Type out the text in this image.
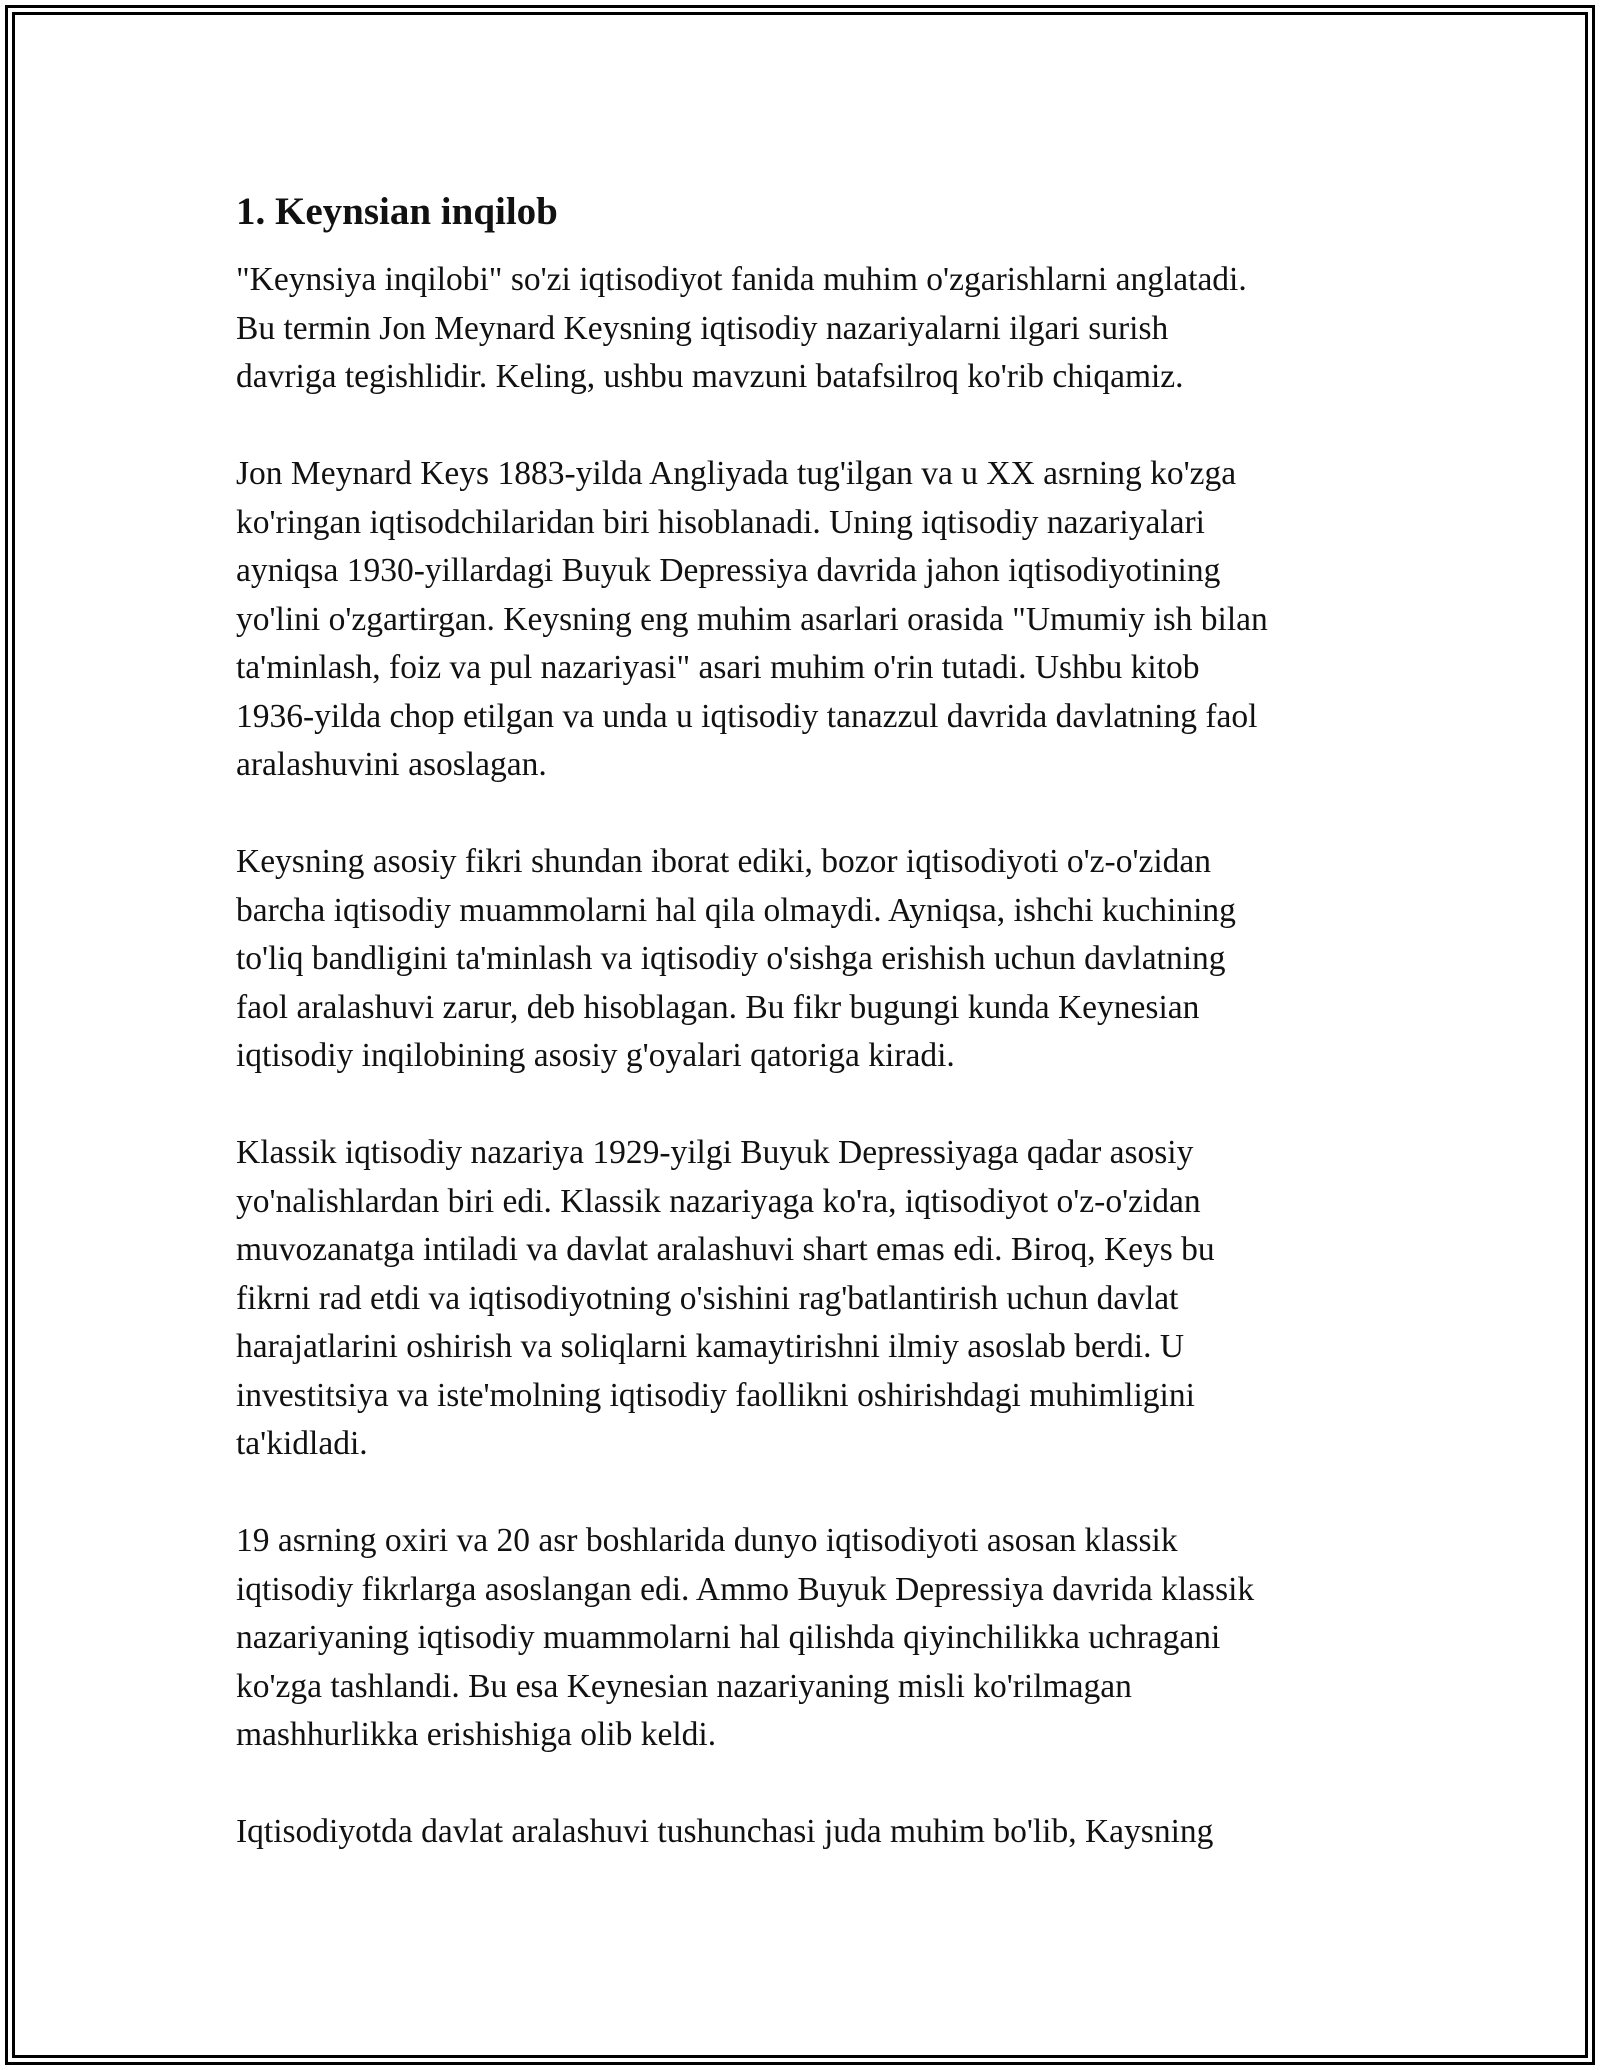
1. Keynsian inqilob

"Keynsiya inqilobi" so'zi iqtisodiyot fanida muhim o'zgarishlarni anglatadi.
Bu termin Jon Meynard Keysning iqtisodiy nazariyalarni ilgari surish
davriga tegishlidir. Keling, ushbu mavzuni batafsilroq ko'rib chiqamiz.

Jon Meynard Keys 1883-yilda Angliyada tug'ilgan va u XX asrning ko'zga
ko'ringan iqtisodchilaridan biri hisoblanadi. Uning iqtisodiy nazariyalari
ayniqsa 1930-yillardagi Buyuk Depressiya davrida jahon iqtisodiyotining
yo'lini o'zgartirgan. Keysning eng muhim asarlari orasida "Umumiy ish bilan
ta'minlash, foiz va pul nazariyasi" asari muhim o'rin tutadi. Ushbu kitob
1936-yilda chop etilgan va unda u iqtisodiy tanazzul davrida davlatning faol
aralashuvini asoslagan.

Keysning asosiy fikri shundan iborat ediki, bozor iqtisodiyoti o'z-o'zidan
barcha iqtisodiy muammolarni hal qila olmaydi. Ayniqsa, ishchi kuchining
to'liq bandligini ta'minlash va iqtisodiy o'sishga erishish uchun davlatning
faol aralashuvi zarur, deb hisoblagan. Bu fikr bugungi kunda Keynesian
iqtisodiy inqilobining asosiy g'oyalari qatoriga kiradi.

Klassik iqtisodiy nazariya 1929-yilgi Buyuk Depressiyaga qadar asosiy
yo'nalishlardan biri edi. Klassik nazariyaga ko'ra, iqtisodiyot o'z-o'zidan
muvozanatga intiladi va davlat aralashuvi shart emas edi. Biroq, Keys bu
fikrni rad etdi va iqtisodiyotning o'sishini rag'batlantirish uchun davlat
harajatlarini oshirish va soliqlarni kamaytirishni ilmiy asoslab berdi. U
investitsiya va iste'molning iqtisodiy faollikni oshirishdagi muhimligini
ta'kidladi.

19 asrning oxiri va 20 asr boshlarida dunyo iqtisodiyoti asosan klassik
iqtisodiy fikrlarga asoslangan edi. Ammo Buyuk Depressiya davrida klassik
nazariyaning iqtisodiy muammolarni hal qilishda qiyinchilikka uchragani
ko'zga tashlandi. Bu esa Keynesian nazariyaning misli ko'rilmagan
mashhurlikka erishishiga olib keldi.

Iqtisodiyotda davlat aralashuvi tushunchasi juda muhim bo'lib, Kaysning
